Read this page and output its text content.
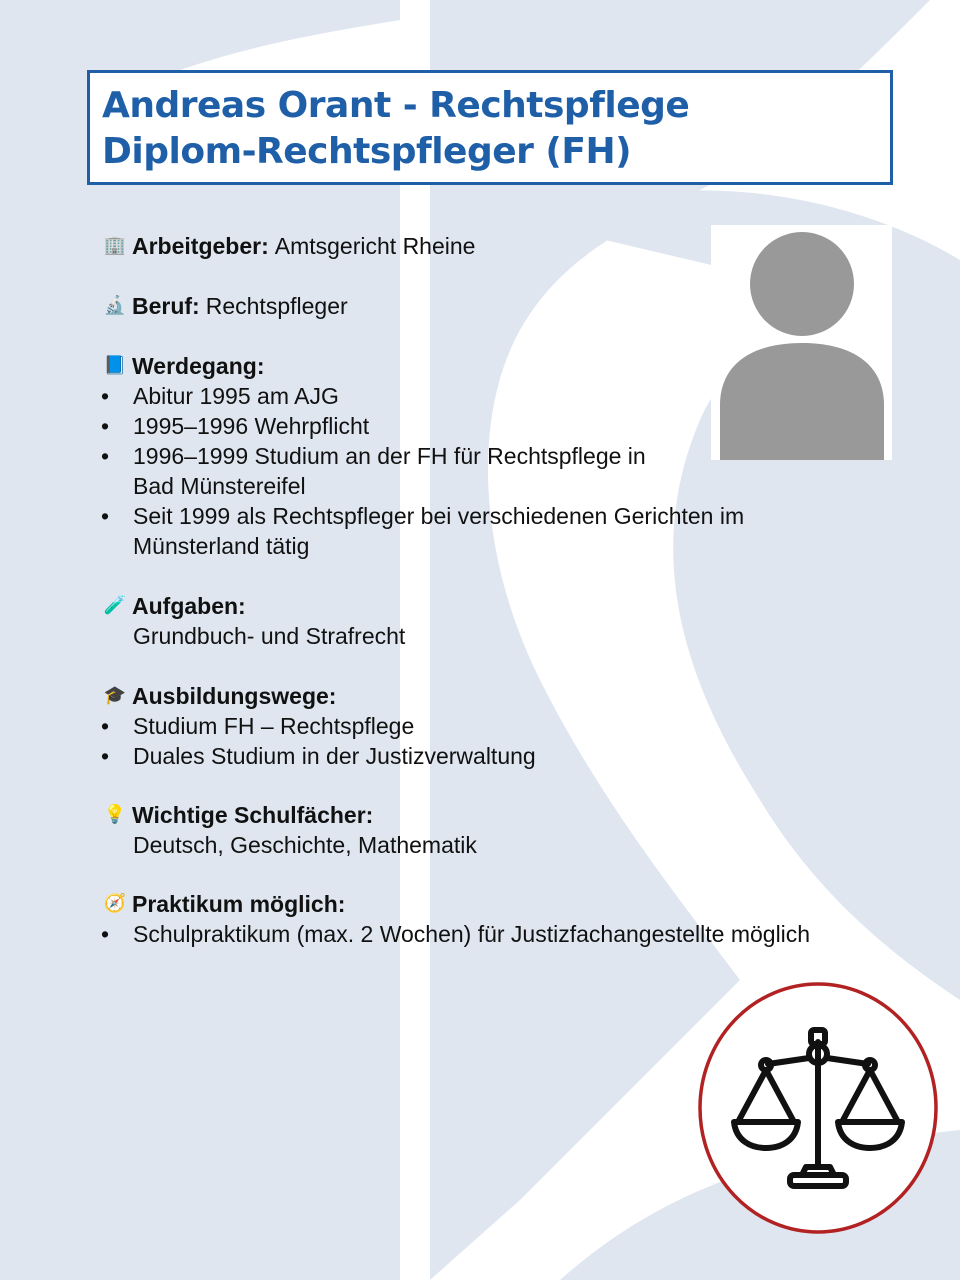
Andreas Orant - Rechtspflege
Diplom-Rechtspfleger (FH)
🏢 Arbeitgeber: Amtsgericht Rheine
🔬 Beruf: Rechtspfleger
📘 Werdegang:
• Abitur 1995 am AJG
• 1995–1996 Wehrpflicht
• 1996–1999 Studium an der FH für Rechtspflege in
Bad Münstereifel
• Seit 1999 als Rechtspfleger bei verschiedenen Gerichten im
Münsterland tätig
🧪 Aufgaben:
Grundbuch- und Strafrecht
🎓 Ausbildungswege:
• Studium FH – Rechtspflege
• Duales Studium in der Justizverwaltung
💡 Wichtige Schulfächer:
Deutsch, Geschichte, Mathematik
🧭 Praktikum möglich:
• Schulpraktikum (max. 2 Wochen) für Justizfachangestellte möglich
